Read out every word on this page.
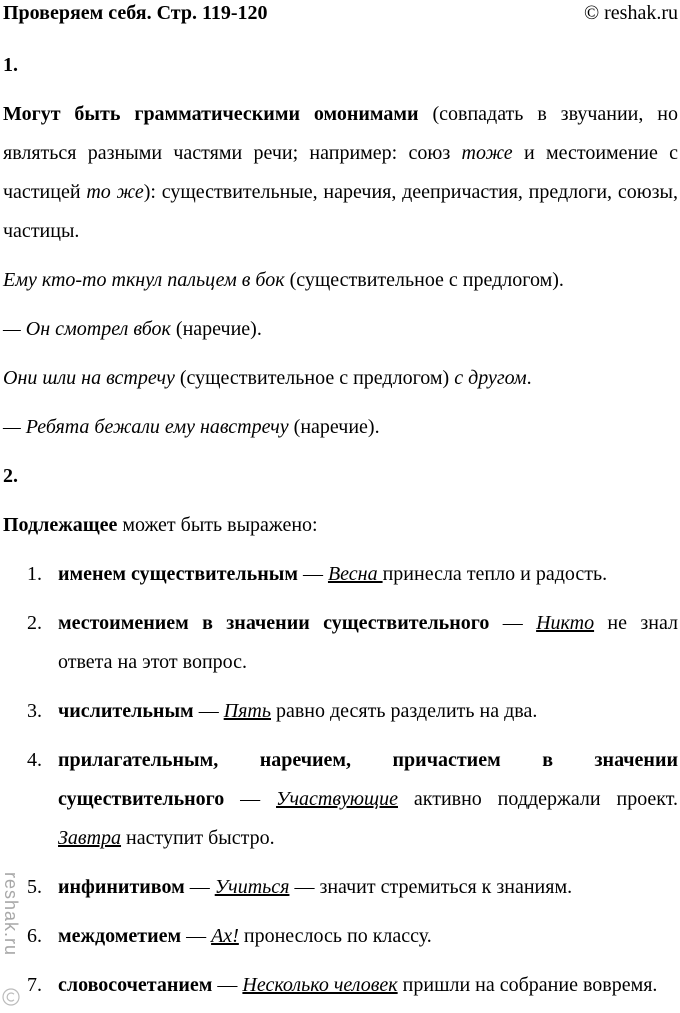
Проверяем себя. Стр. 119-120	© reshak.ru

1.

Могут быть грамматическими омонимами (совпадать в звучании, но являться разными частями речи; например: союз тоже и местоимение с частицей то же): существительные, наречия, деепричастия, предлоги, союзы, частицы.

Ему кто-то ткнул пальцем в бок (существительное с предлогом).

— Он смотрел вбок (наречие).

Они шли на встречу (существительное с предлогом) с другом.

— Ребята бежали ему навстречу (наречие).

2.

Подлежащее может быть выражено:

1. именем существительным — Весна принесла тепло и радость.
2. местоимением в значении существительного — Никто не знал ответа на этот вопрос.
3. числительным — Пять равно десять разделить на два.
4. прилагательным, наречием, причастием в значении существительного — Участвующие активно поддержали проект. Завтра наступит быстро.
5. инфинитивом — Учиться — значит стремиться к знаниям.
6. междометием — Ах! пронеслось по классу.
7. словосочетанием — Несколько человек пришли на собрание вовремя.
reshak.ru
